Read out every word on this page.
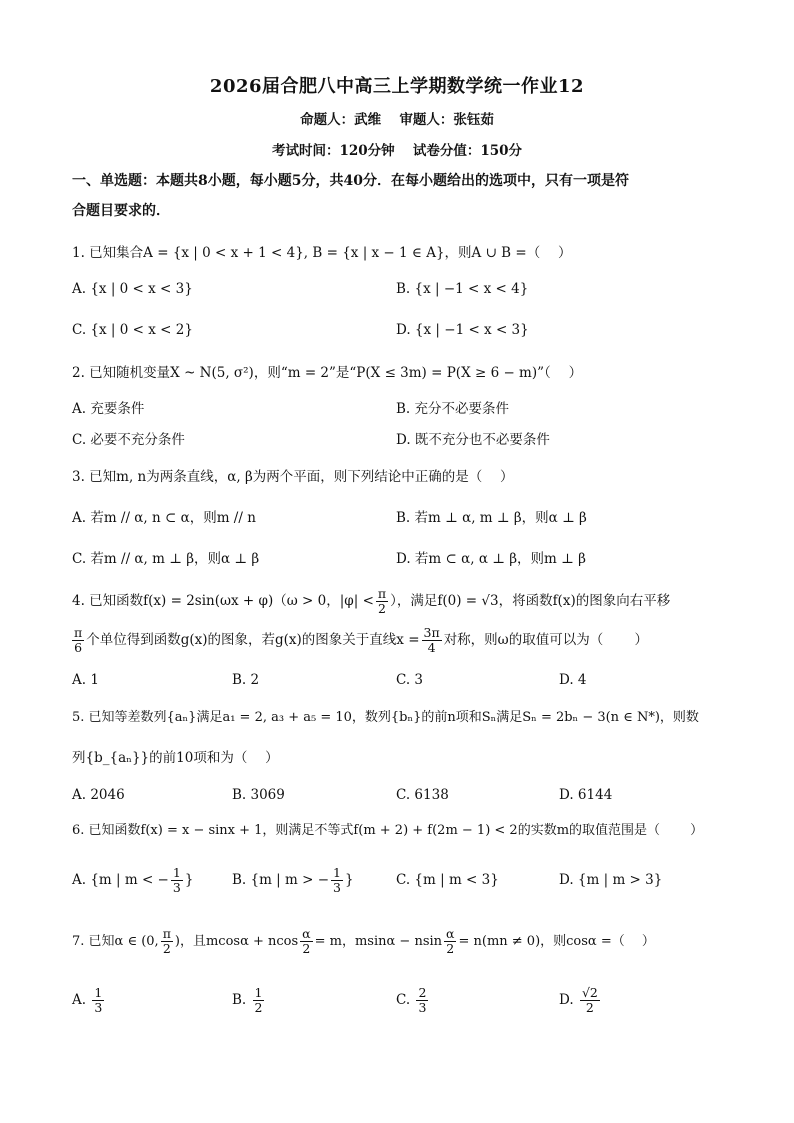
2026届合肥八中高三上学期数学统一作业12
命题人：武维　 审题人：张钰茹
考试时间：120分钟　 试卷分值：150分
一、单选题：本题共8小题，每小题5分，共40分．在每小题给出的选项中，只有一项是符
合题目要求的．
1. 已知集合A = {x | 0 < x + 1 < 4}, B = {x | x − 1 ∈ A}，则A ∪ B =（　 ）
A. {x | 0 < x < 3}	B. {x | −1 < x < 4}
C. {x | 0 < x < 2}	D. {x | −1 < x < 3}
2. 已知随机变量X ~ N(5, σ²)，则“m = 2”是“P(X ≤ 3m) = P(X ≥ 6 − m)”（　 ）
A. 充要条件	B. 充分不必要条件
C. 必要不充分条件	D. 既不充分也不必要条件
3. 已知m, n为两条直线，α, β为两个平面，则下列结论中正确的是（　 ）
A. 若m // α, n ⊂ α，则m // n	B. 若m ⊥ α, m ⊥ β，则α ⊥ β
C. 若m // α, m ⊥ β，则α ⊥ β	D. 若m ⊂ α, α ⊥ β，则m ⊥ β
4. 已知函数f(x) = 2sin(ωx + φ)（ω > 0，$|\varphi| < \frac{\pi}{2}$ ），满足f(0) = √3，将函数f(x)的图象向右平移
$\frac{\pi}{6}$ 个单位得到函数g(x)的图象，若g(x)的图象关于直线$x = \frac{3\pi}{4}$ 对称，则ω的取值可以为（　 　）
A. 1	B. 2	C. 3	D. 4
5. 已知等差数列{aₙ}满足a₁ = 2, a₃ + a₅ = 10，数列{bₙ}的前n项和Sₙ满足Sₙ = 2bₙ − 3(n ∈ N*)，则数
列{b_{aₙ}}的前10项和为（　 ）
A. 2046	B. 3069	C. 6138	D. 6144
6. 已知函数f(x) = x − sinx + 1，则满足不等式f(m + 2) + f(2m − 1) < 2的实数m的取值范围是（　 　）
A. {m | m < − $\frac{1}{3}$ }	B. {m | m > − $\frac{1}{3}$ }	C. {m | m < 3}	D. {m | m > 3}
7. 已知α ∈ (0, $\frac{\pi}{2}$ )，且mcosα + ncos $\frac{\alpha}{2} = m$，msinα − nsin $\frac{\alpha}{2} = n(mn \ne 0)$，则cosα =（　 ）
A. $\frac{1}{3}$	B. $\frac{1}{2}$	C. $\frac{2}{3}$	D. $\frac{√2}{2}$
